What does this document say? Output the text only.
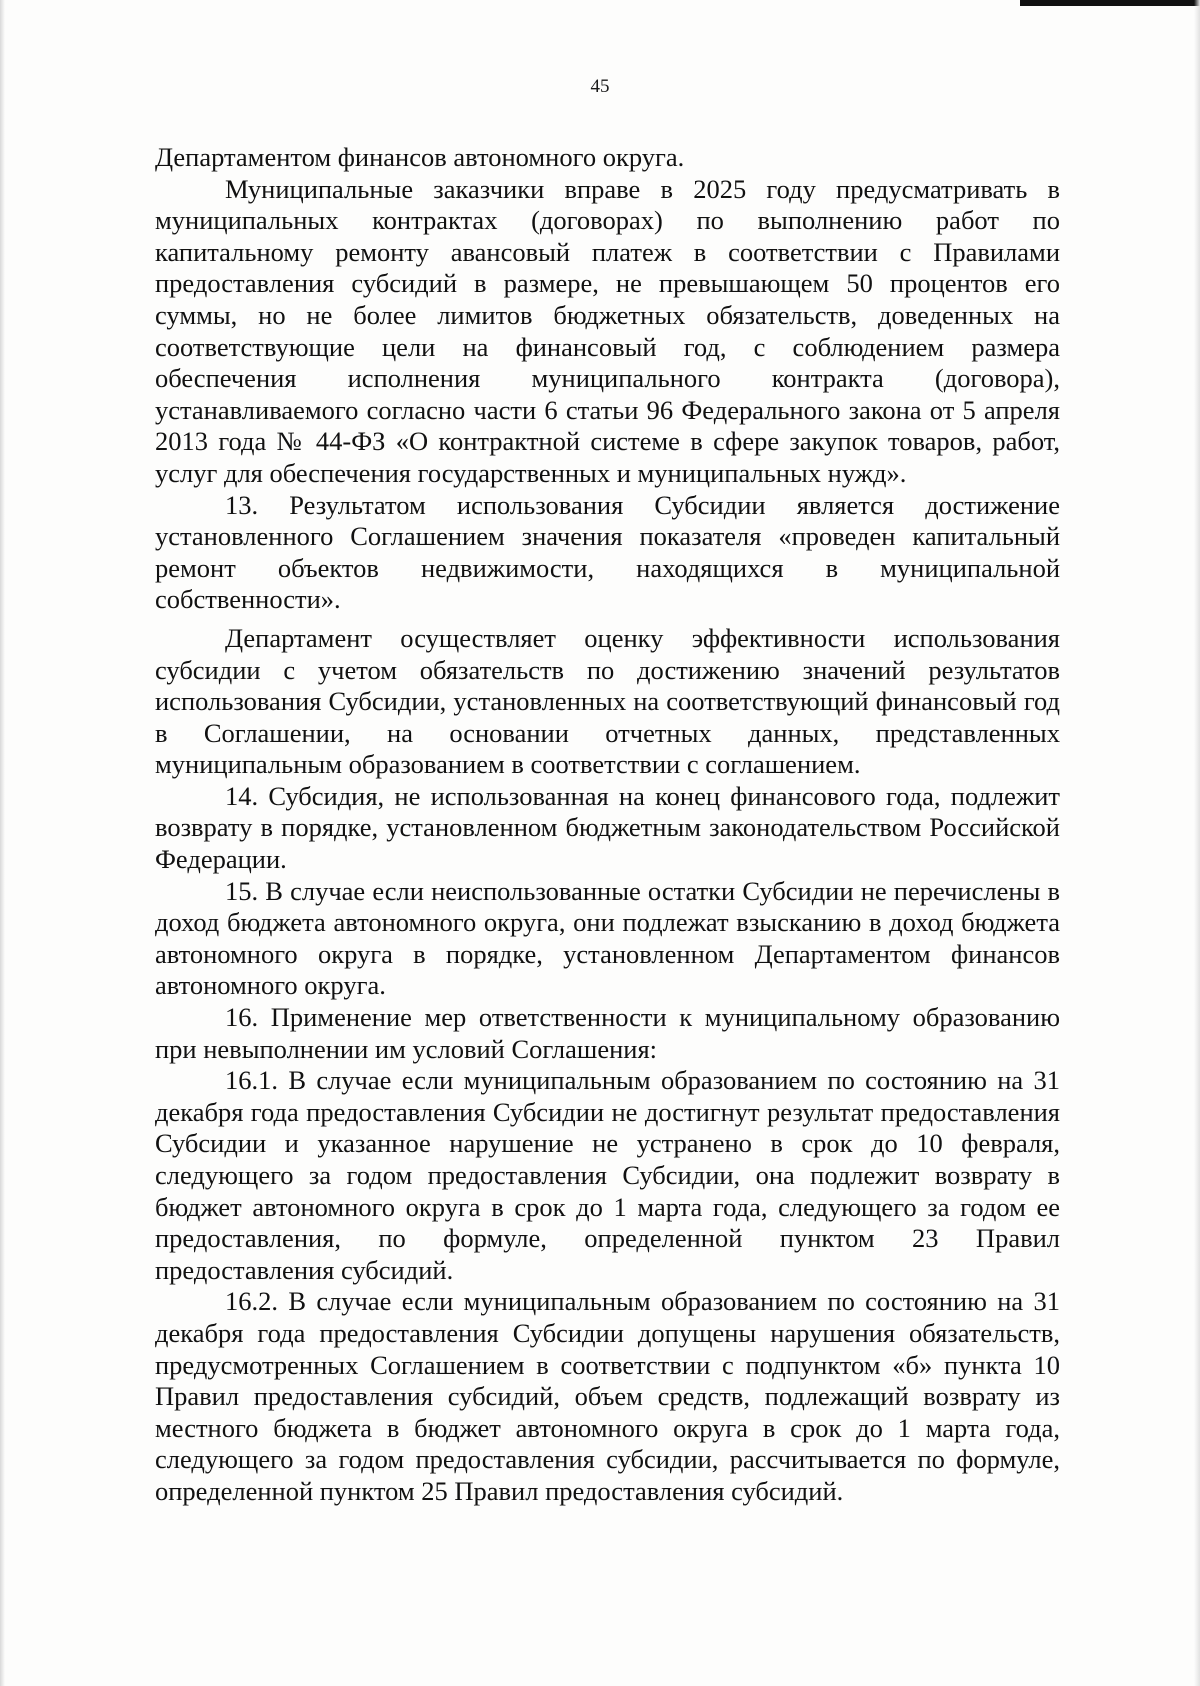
45

Департаментом финансов автономного округа.

Муниципальные заказчики вправе в 2025 году предусматривать в муниципальных контрактах (договорах) по выполнению работ по капитальному ремонту авансовый платеж в соответствии с Правилами предоставления субсидий в размере, не превышающем 50 процентов его суммы, но не более лимитов бюджетных обязательств, доведенных на соответствующие цели на финансовый год, с соблюдением размера обеспечения исполнения муниципального контракта (договора), устанавливаемого согласно части 6 статьи 96 Федерального закона от 5 апреля 2013 года № 44-ФЗ «О контрактной системе в сфере закупок товаров, работ, услуг для обеспечения государственных и муниципальных нужд».

13. Результатом использования Субсидии является достижение установленного Соглашением значения показателя «проведен капитальный ремонт объектов недвижимости, находящихся в муниципальной собственности».

Департамент осуществляет оценку эффективности использования субсидии с учетом обязательств по достижению значений результатов использования Субсидии, установленных на соответствующий финансовый год в Соглашении, на основании отчетных данных, представленных муниципальным образованием в соответствии с соглашением.

14. Субсидия, не использованная на конец финансового года, подлежит возврату в порядке, установленном бюджетным законодательством Российской Федерации.

15. В случае если неиспользованные остатки Субсидии не перечислены в доход бюджета автономного округа, они подлежат взысканию в доход бюджета автономного округа в порядке, установленном Департаментом финансов автономного округа.

16. Применение мер ответственности к муниципальному образованию при невыполнении им условий Соглашения:

16.1. В случае если муниципальным образованием по состоянию на 31 декабря года предоставления Субсидии не достигнут результат предоставления Субсидии и указанное нарушение не устранено в срок до 10 февраля, следующего за годом предоставления Субсидии, она подлежит возврату в бюджет автономного округа в срок до 1 марта года, следующего за годом ее предоставления, по формуле, определенной пунктом 23 Правил предоставления субсидий.

16.2. В случае если муниципальным образованием по состоянию на 31 декабря года предоставления Субсидии допущены нарушения обязательств, предусмотренных Соглашением в соответствии с подпунктом «б» пункта 10 Правил предоставления субсидий, объем средств, подлежащий возврату из местного бюджета в бюджет автономного округа в срок до 1 марта года, следующего за годом предоставления субсидии, рассчитывается по формуле, определенной пунктом 25 Правил предоставления субсидий.
